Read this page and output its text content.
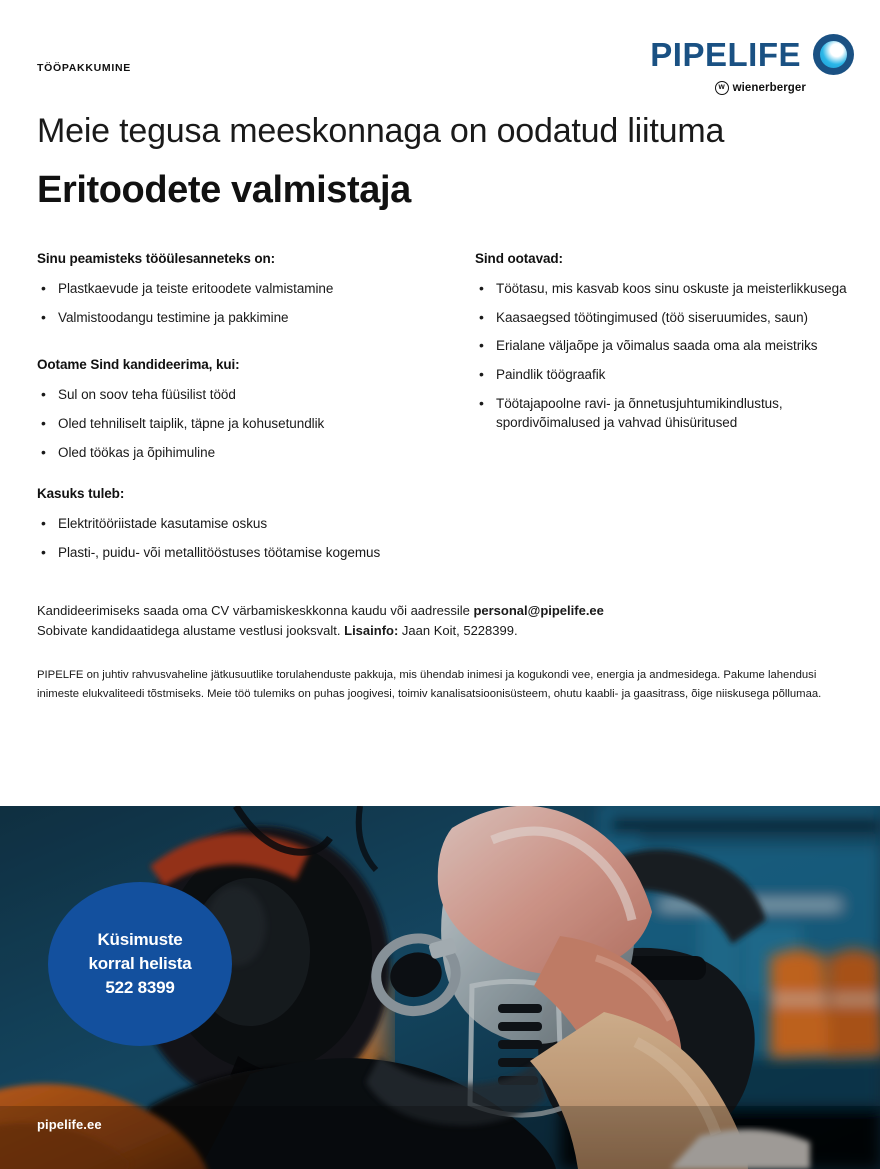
TÖÖPAKKUMINE	PIPELIFE
w wienerberger
Meie tegusa meeskonnaga on oodatud liituma
Eritoodete valmistaja
Sinu peamisteks tööülesanneteks on:
• Plastkaevude ja teiste eritoodete valmistamine
• Valmistoodangu testimine ja pakkimine
Ootame Sind kandideerima, kui:
• Sul on soov teha füüsilist tööd
• Oled tehniliselt taiplik, täpne ja kohusetundlik
• Oled töökas ja õpihimuline
Kasuks tuleb:
• Elektritööriistade kasutamise oskus
• Plasti-, puidu- või metallitööstuses töötamise kogemus
Sind ootavad:
• Töötasu, mis kasvab koos sinu oskuste ja meisterlikkusega
• Kaasaegsed töötingimused (töö siseruumides, saun)
• Erialane väljaõpe ja võimalus saada oma ala meistriks
• Paindlik töögraafik
• Töötajapoolne ravi- ja õnnetusjuhtumikindlustus, spordivõimalused ja vahvad ühisüritused
Kandideerimiseks saada oma CV värbamiskeskkonna kaudu või aadressile personal@pipelife.ee
Sobivate kandidaatidega alustame vestlusi jooksvalt. Lisainfo: Jaan Koit, 5228399.
PIPELFE on juhtiv rahvusvaheline jätkusuutlike torulahenduste pakkuja, mis ühendab inimesi ja kogukondi vee, energia ja andmesidega. Pakume lahendusi inimeste elukvaliteedi tõstmiseks. Meie töö tulemiks on puhas joogivesi, toimiv kanalisatsioonisüsteem, ohutu kaabli- ja gaasitrass, õige niiskusega põllumaa.
Küsimuste
korral helista
522 8399
pipelife.ee
